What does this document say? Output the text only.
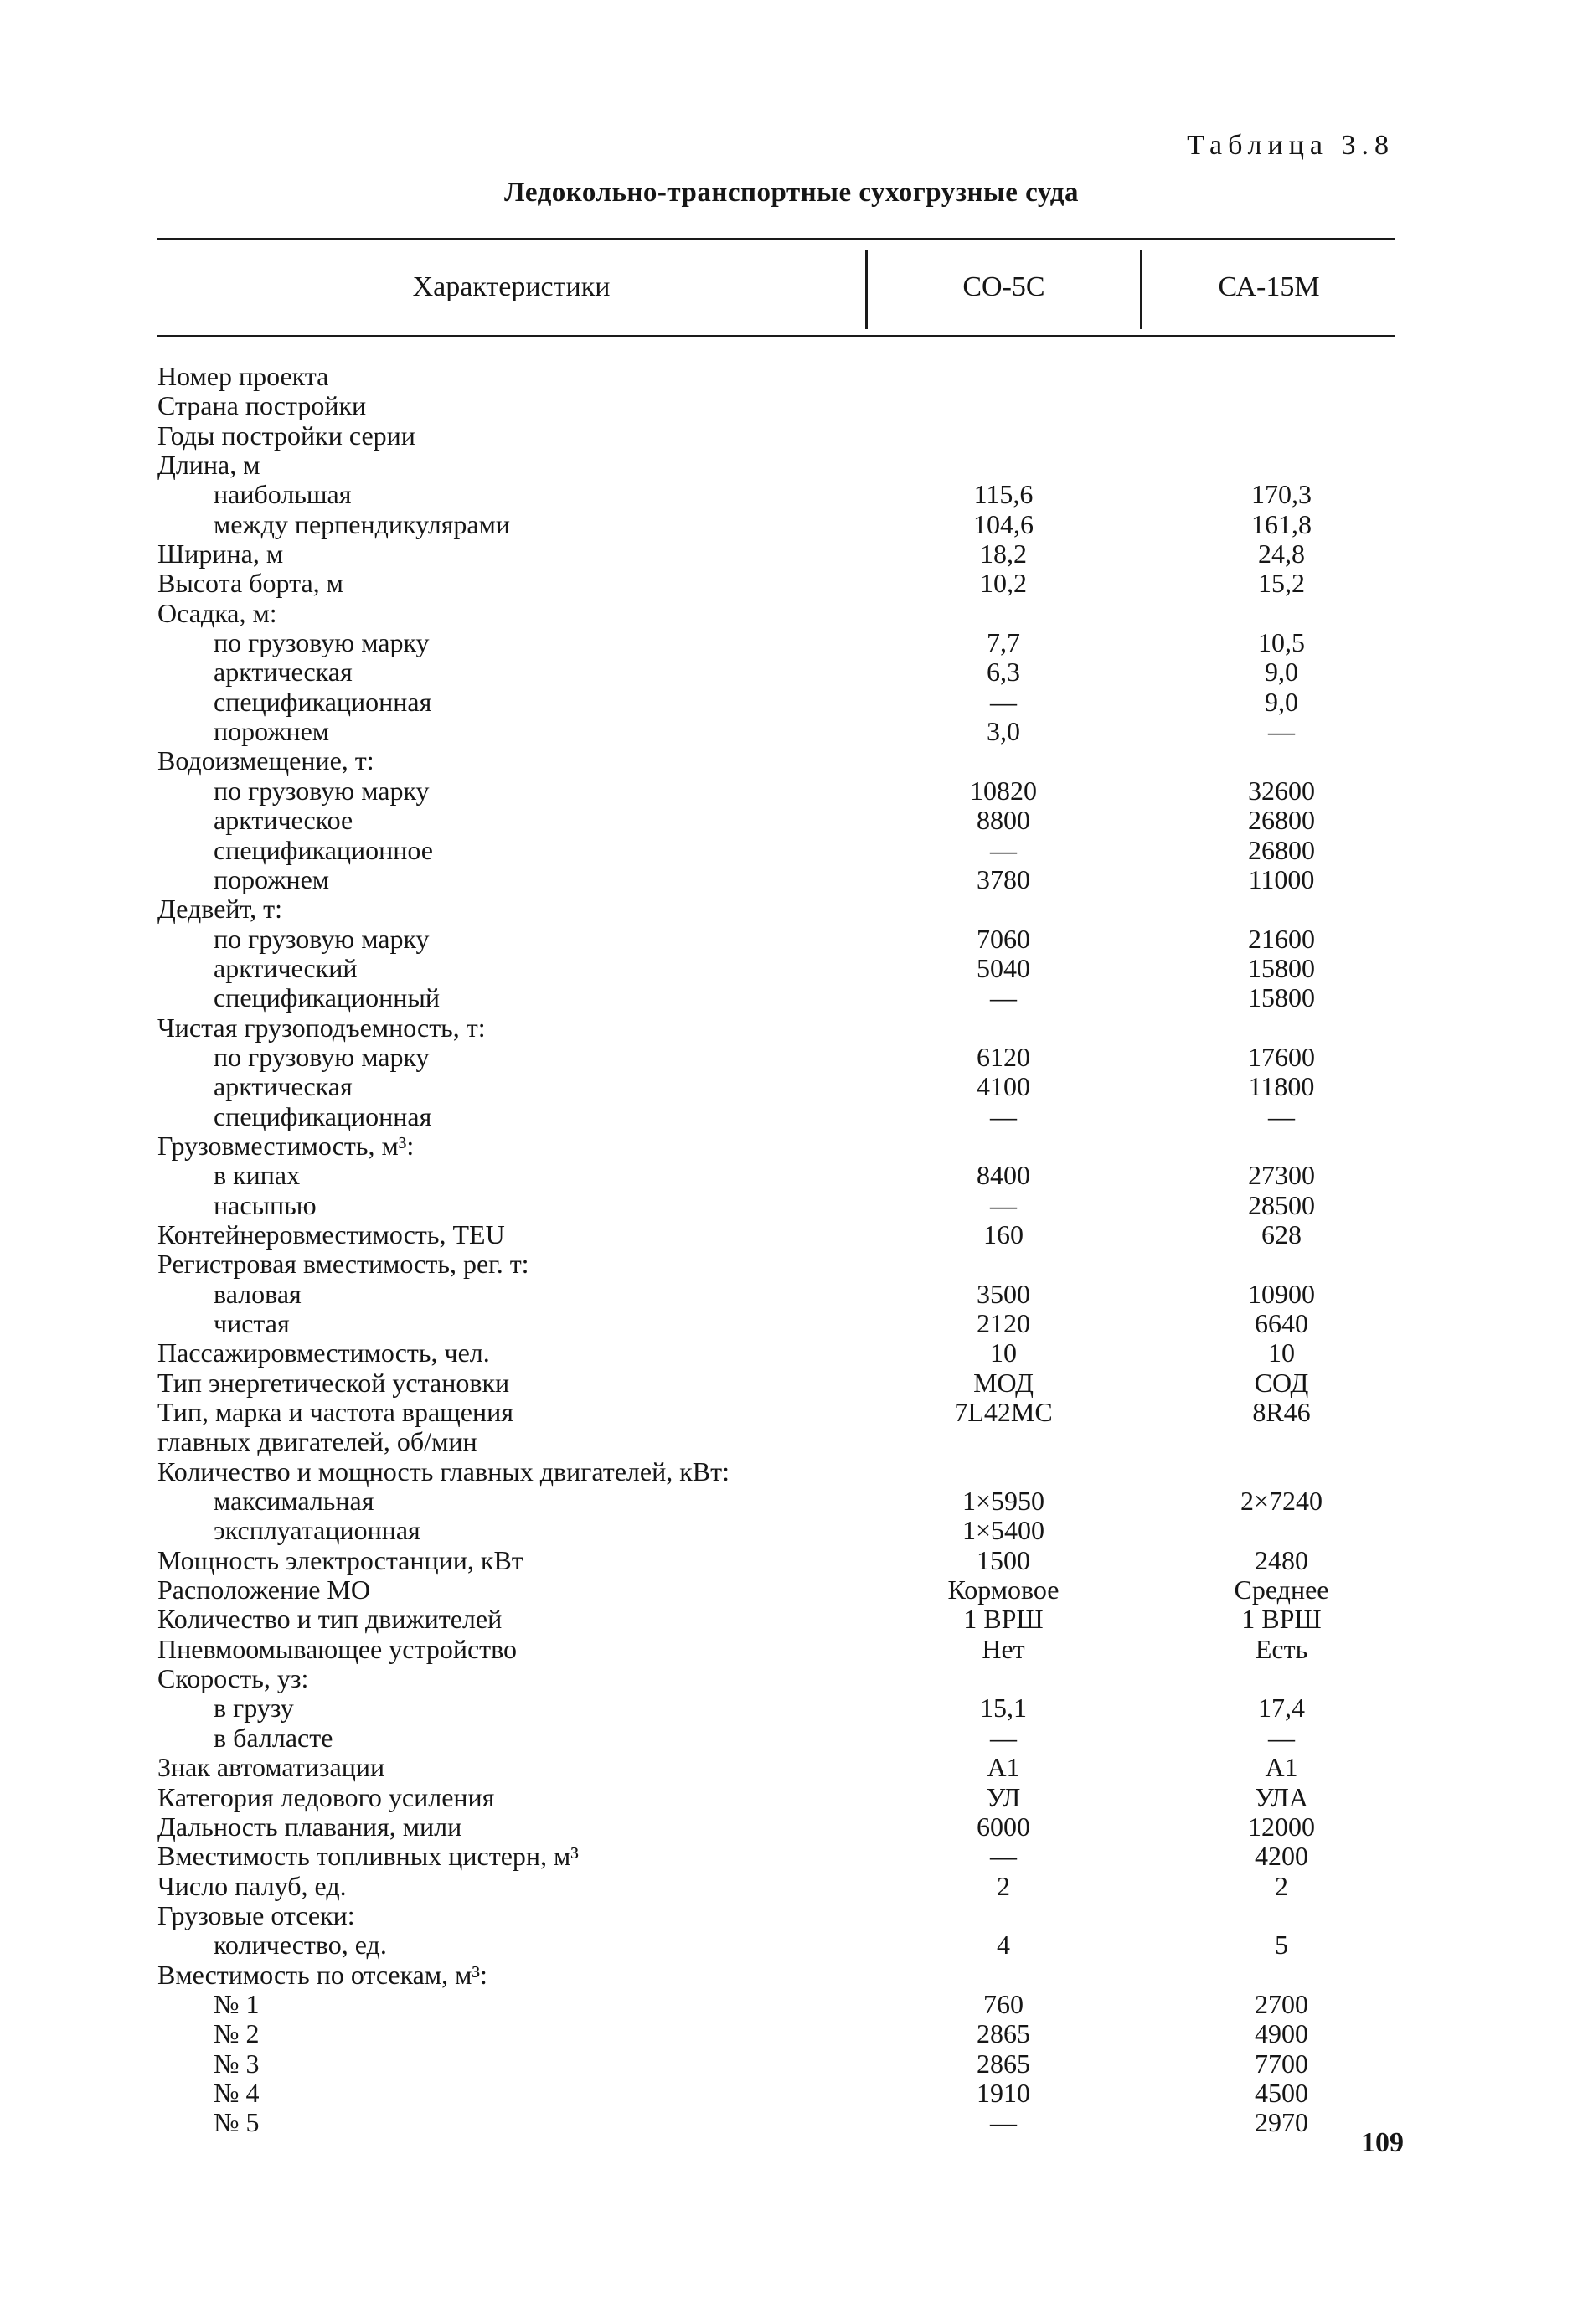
Таблица 3.8
Ледокольно-транспортные сухогрузные суда
Характеристики	СО-5С	СА-15М
Номер проекта
Страна постройки
Годы постройки серии
Длина, м
наибольшая	115,6	170,3
между перпендикулярами	104,6	161,8
Ширина, м	18,2	24,8
Высота борта, м	10,2	15,2
Осадка, м:
по грузовую марку	7,7	10,5
арктическая	6,3	9,0
спецификационная	—	9,0
порожнем	3,0	—
Водоизмещение, т:
по грузовую марку	10820	32600
арктическое	8800	26800
спецификационное	—	26800
порожнем	3780	11000
Дедвейт, т:
по грузовую марку	7060	21600
арктический	5040	15800
спецификационный	—	15800
Чистая грузоподъемность, т:
по грузовую марку	6120	17600
арктическая	4100	11800
спецификационная	—	—
Грузовместимость, м³:
в кипах	8400	27300
насыпью	—	28500
Контейнеровместимость, TEU	160	628
Регистровая вместимость, рег. т:
валовая	3500	10900
чистая	2120	6640
Пассажировместимость, чел.	10	10
Тип энергетической установки	МОД	СОД
Тип, марка и частота вращения	7L42MC	8R46
главных двигателей, об/мин
Количество и мощность главных двигателей, кВт:
максимальная	1×5950	2×7240
эксплуатационная	1×5400
Мощность электростанции, кВт	1500	2480
Расположение МО	Кормовое	Среднее
Количество и тип движителей	1 ВРШ	1 ВРШ
Пневмоомывающее устройство	Нет	Есть
Скорость, уз:
в грузу	15,1	17,4
в балласте	—	—
Знак автоматизации	A1	A1
Категория ледового усиления	УЛ	УЛА
Дальность плавания, мили	6000	12000
Вместимость топливных цистерн, м³	—	4200
Число палуб, ед.	2	2
Грузовые отсеки:
количество, ед.	4	5
Вместимость по отсекам, м³:
№ 1	760	2700
№ 2	2865	4900
№ 3	2865	7700
№ 4	1910	4500
№ 5	—	2970
109
